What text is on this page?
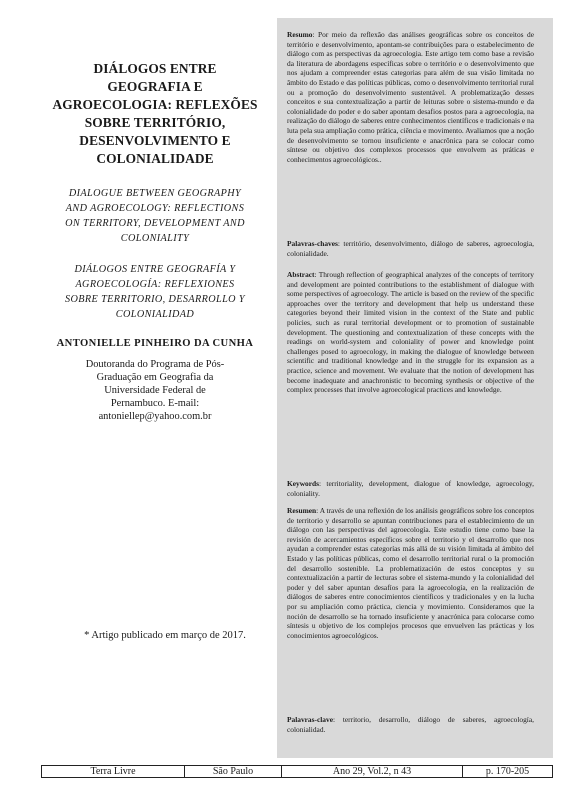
DIÁLOGOS ENTRE
GEOGRAFIA E
AGROECOLOGIA: REFLEXÕES
SOBRE TERRITÓRIO,
DESENVOLVIMENTO E
COLONIALIDADE
DIALOGUE BETWEEN GEOGRAPHY
AND AGROECOLOGY: REFLECTIONS
ON TERRITORY, DEVELOPMENT AND
COLONIALITY
DIÁLOGOS ENTRE GEOGRAFÍA Y
AGROECOLOGÍA: REFLEXIONES
SOBRE TERRITORIO, DESARROLLO Y
COLONIALIDAD
ANTONIELLE PINHEIRO DA CUNHA
Doutoranda do Programa de Pós-
Graduação em Geografia da
Universidade Federal de
Pernambuco. E-mail:
antoniellep@yahoo.com.br
* Artigo publicado em março de 2017.

Resumo: Por meio da reflexão das análises geográficas sobre os conceitos de território e desenvolvimento, apontam-se contribuições para o estabelecimento de diálogo com as perspectivas da agroecologia. Este artigo tem como base a revisão da literatura de abordagens específicas sobre o território e o desenvolvimento que nos ajudam a compreender estas categorias para além de sua visão limitada no âmbito do Estado e das políticas públicas, como o desenvolvimento territorial rural ou a promoção do desenvolvimento sustentável. A problematização desses conceitos e sua contextualização a partir de leituras sobre o sistema-mundo e da colonialidade do poder e do saber apontam desafios postos para a agroecologia, na realização do diálogo de saberes entre conhecimentos científicos e tradicionais e na luta pela sua ampliação como prática, ciência e movimento. Avaliamos que a noção de desenvolvimento se tornou insuficiente e anacrônica para se colocar como síntese ou objetivo dos complexos processos que envolvem as práticas e conhecimentos agroecológicos..

Palavras-chaves: território, desenvolvimento, diálogo de saberes, agroecologia, colonialidade.

Abstract: Through reflection of geographical analyzes of the concepts of territory and development are pointed contributions to the establishment of dialogue with some perspectives of agroecology. The article is based on the review of the specific approaches over the territory and development that help us understand these categories beyond their limited vision in the context of the State and public policies, such as rural territorial development or to promotion of sustainable development. The questioning and contextualization of these concepts with the readings on world-system and coloniality of power and knowledge point challenges posed to agroecology, in making the dialogue of knowledge between scientific and traditional knowledge and in the struggle for its expansion as a practice, science and movement. We evaluate that the notion of development has become inadequate and anachronistic to becoming synthesis or objective of the complex processes that involve agroecological practices and knowledge.

Keywords: territoriality, development, dialogue of knowledge, agroecology, coloniality.

Resumen: A través de una reflexión de los análisis geográficos sobre los conceptos de territorio y desarrollo se apuntan contribuciones para el establecimiento de un diálogo con las perspectivas del agroecología. Este estudio tiene como base la revisión de acercamientos específicos sobre el territorio y el desarrollo que nos ayudan a comprender estas categorías más allá de su visión limitada al ámbito del Estado y las políticas públicas, como el desarrollo territorial rural o la promoción del desarrollo sostenible. La problematización de estos conceptos y su contextualización a partir de lecturas sobre el sistema-mundo y la colonialidad del poder y del saber apuntan desafíos para la agroecología, en la realización de diálogos de saberes entre conocimientos científicos y tradicionales y en la lucha por su ampliación como práctica, ciencia y movimiento. Consideramos que la noción de desarrollo se ha tornado insuficiente y anacrónica para colocarse como síntesis u objetivo de los complejos procesos que envuelven las prácticas y los conocimientos agroecológicos.

Palavras-clave: territorio, desarrollo, diálogo de saberes, agroecología, colonialidad.

Terra Livre	São Paulo	Ano 29, Vol.2, n 43	p. 170-205
